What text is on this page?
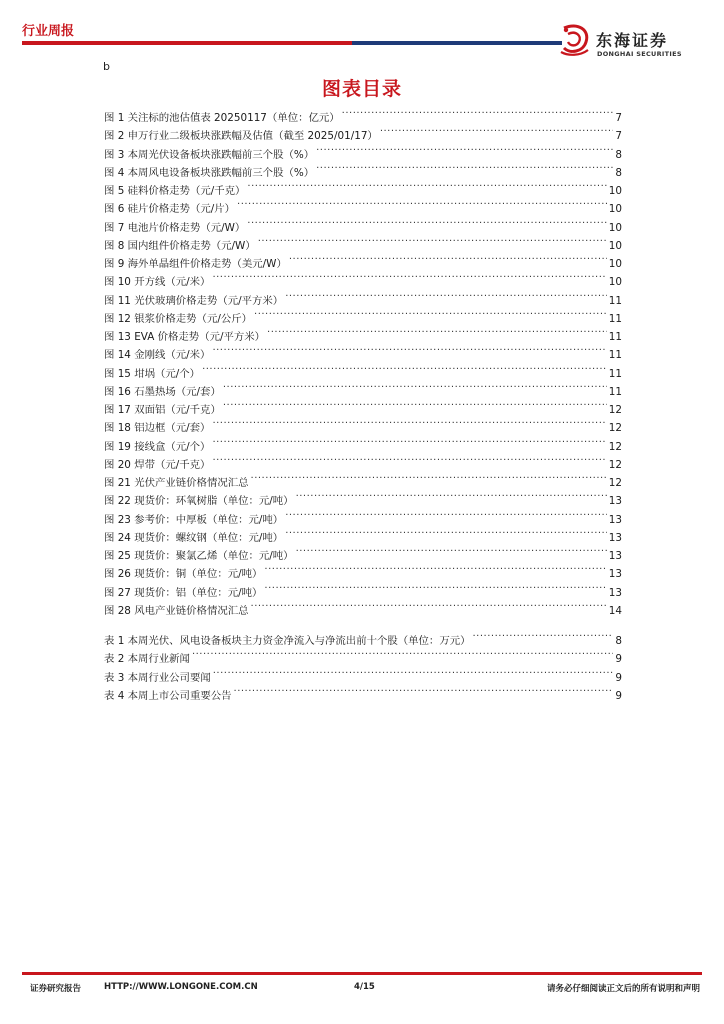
行业周报	东海证券
DONGHAI SECURITIES
b
图表目录
图 1 关注标的池估值表 20250117（单位：亿元） .....	7
图 2 申万行业二级板块涨跌幅及估值（截至 2025/01/17） .....	7
图 3 本周光伏设备板块涨跌幅前三个股（%） .....	8
图 4 本周风电设备板块涨跌幅前三个股（%） .....	8
图 5 硅料价格走势（元/千克） .....	10
图 6 硅片价格走势（元/片） .....	10
图 7 电池片价格走势（元/W） .....	10
图 8 国内组件价格走势（元/W） .....	10
图 9 海外单晶组件价格走势（美元/W） .....	10
图 10 开方线（元/米） .....	10
图 11 光伏玻璃价格走势（元/平方米） .....	11
图 12 银浆价格走势（元/公斤） .....	11
图 13 EVA 价格走势（元/平方米） .....	11
图 14 金刚线（元/米） .....	11
图 15 坩埚（元/个） .....	11
图 16 石墨热场（元/套） .....	11
图 17 双面铝（元/千克） .....	12
图 18 铝边框（元/套） .....	12
图 19 接线盒（元/个） .....	12
图 20 焊带（元/千克） .....	12
图 21 光伏产业链价格情况汇总 .....	12
图 22 现货价：环氧树脂（单位：元/吨） .....	13
图 23 参考价：中厚板（单位：元/吨） .....	13
图 24 现货价：螺纹钢（单位：元/吨） .....	13
图 25 现货价：聚氯乙烯（单位：元/吨） .....	13
图 26 现货价：铜（单位：元/吨） .....	13
图 27 现货价：铝（单位：元/吨） .....	13
图 28 风电产业链价格情况汇总 .....	14
表 1 本周光伏、风电设备板块主力资金净流入与净流出前十个股（单位：万元） .....	8
表 2 本周行业新闻 .....	9
表 3 本周行业公司要闻 .....	9
表 4 本周上市公司重要公告 .....	9
证券研究报告	HTTP://WWW.LONGONE.COM.CN	4/15	请务必仔细阅读正文后的所有说明和声明
